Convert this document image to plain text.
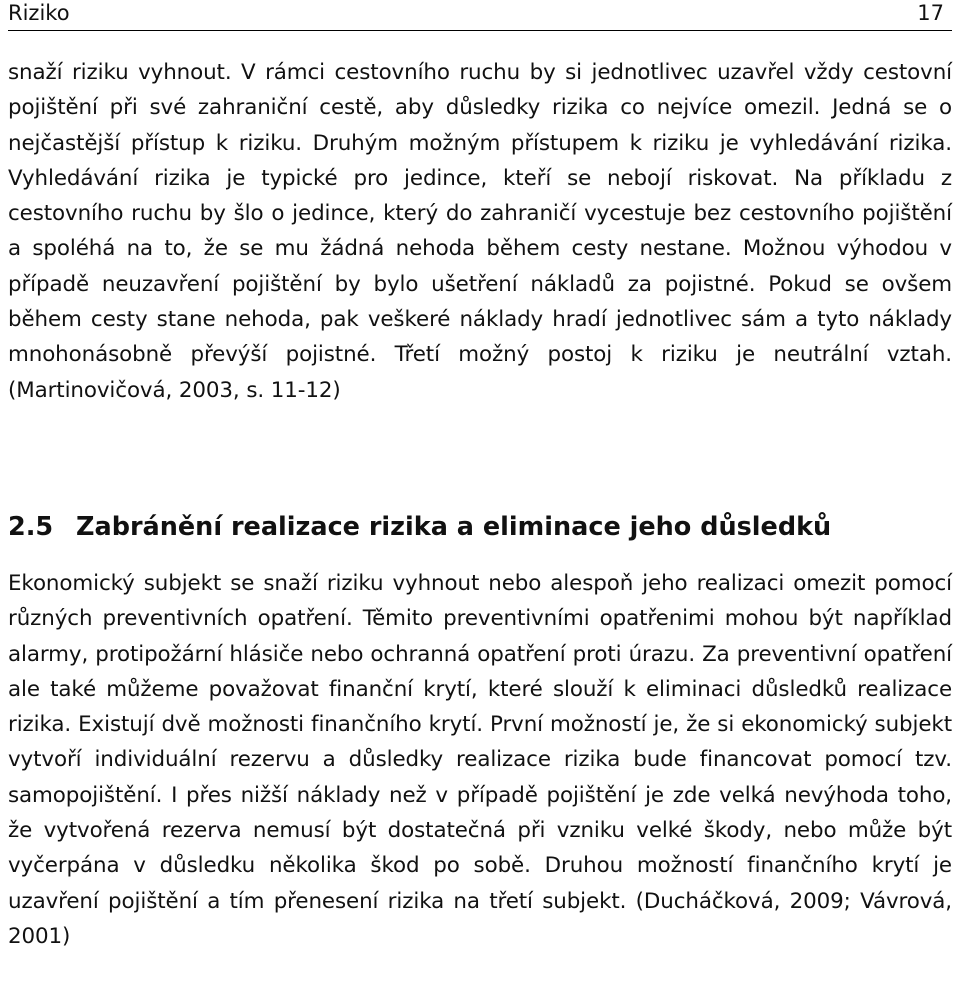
Riziko	17

snaží riziku vyhnout. V rámci cestovního ruchu by si jednotlivec uzavřel vždy cestovní pojištění při své zahraniční cestě, aby důsledky rizika co nejvíce omezil. Jedná se o nejčastější přístup k riziku. Druhým možným přístupem k riziku je vyhledávání rizika. Vyhledávání rizika je typické pro jedince, kteří se nebojí riskovat. Na příkladu z cestovního ruchu by šlo o jedince, který do zahraničí vycestuje bez cestovního pojištění a spoléhá na to, že se mu žádná nehoda během cesty nestane. Možnou výhodou v případě neuzavření pojištění by bylo ušetření nákladů za pojistné. Pokud se ovšem během cesty stane nehoda, pak veškeré náklady hradí jednotlivec sám a tyto náklady mnohonásobně převýší pojistné. Třetí možný postoj k riziku je neutrální vztah. (Martinovičová, 2003, s. 11-12)

2.5 Zabránění realizace rizika a eliminace jeho důsledků

Ekonomický subjekt se snaží riziku vyhnout nebo alespoň jeho realizaci omezit pomocí různých preventivních opatření. Těmito preventivními opatřenimi mohou být například alarmy, protipožární hlásiče nebo ochranná opatření proti úrazu. Za preventivní opatření ale také můžeme považovat finanční krytí, které slouží k eliminaci důsledků realizace rizika. Existují dvě možnosti finančního krytí. První možností je, že si ekonomický subjekt vytvoří individuální rezervu a důsledky realizace rizika bude financovat pomocí tzv. samopojištění. I přes nižší náklady než v případě pojištění je zde velká nevýhoda toho, že vytvořená rezerva nemusí být dostatečná při vzniku velké škody, nebo může být vyčerpána v důsledku několika škod po sobě. Druhou možností finančního krytí je uzavření pojištění a tím přenesení rizika na třetí subjekt. (Ducháčková, 2009; Vávrová, 2001)
